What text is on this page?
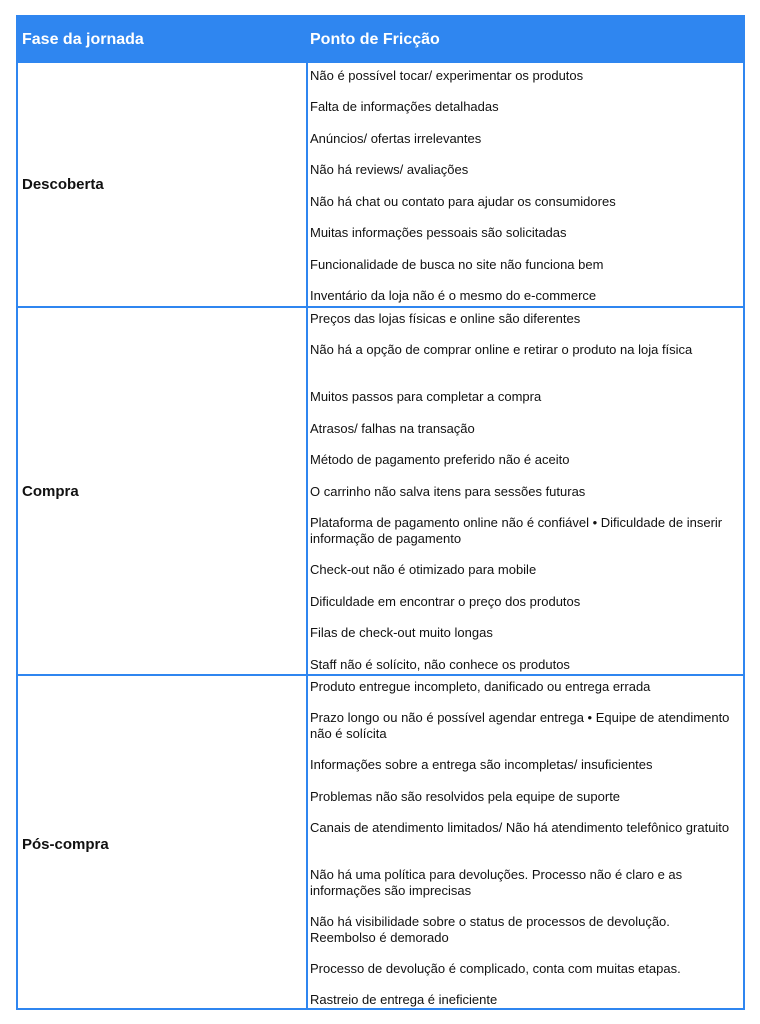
Fase da jornada	Ponto de Fricção
Descoberta
Não é possível tocar/ experimentar os produtos
Falta de informações detalhadas
Anúncios/ ofertas irrelevantes
Não há reviews/ avaliações
Não há chat ou contato para ajudar os consumidores
Muitas informações pessoais são solicitadas
Funcionalidade de busca no site não funciona bem
Inventário da loja não é o mesmo do e-commerce
Compra
Preços das lojas físicas e online são diferentes
Não há a opção de comprar online e retirar o produto na loja física
Muitos passos para completar a compra
Atrasos/ falhas na transação
Método de pagamento preferido não é aceito
O carrinho não salva itens para sessões futuras
Plataforma de pagamento online não é confiável • Dificuldade de inserir informação de pagamento
Check-out não é otimizado para mobile
Dificuldade em encontrar o preço dos produtos
Filas de check-out muito longas
Staff não é solícito, não conhece os produtos
Pós-compra
Produto entregue incompleto, danificado ou entrega errada
Prazo longo ou não é possível agendar entrega • Equipe de atendimento não é solícita
Informações sobre a entrega são incompletas/ insuficientes
Problemas não são resolvidos pela equipe de suporte
Canais de atendimento limitados/ Não há atendimento telefônico gratuito
Não há uma política para devoluções. Processo não é claro e as informações são imprecisas
Não há visibilidade sobre o status de processos de devolução. Reembolso é demorado
Processo de devolução é complicado, conta com muitas etapas.
Rastreio de entrega é ineficiente
